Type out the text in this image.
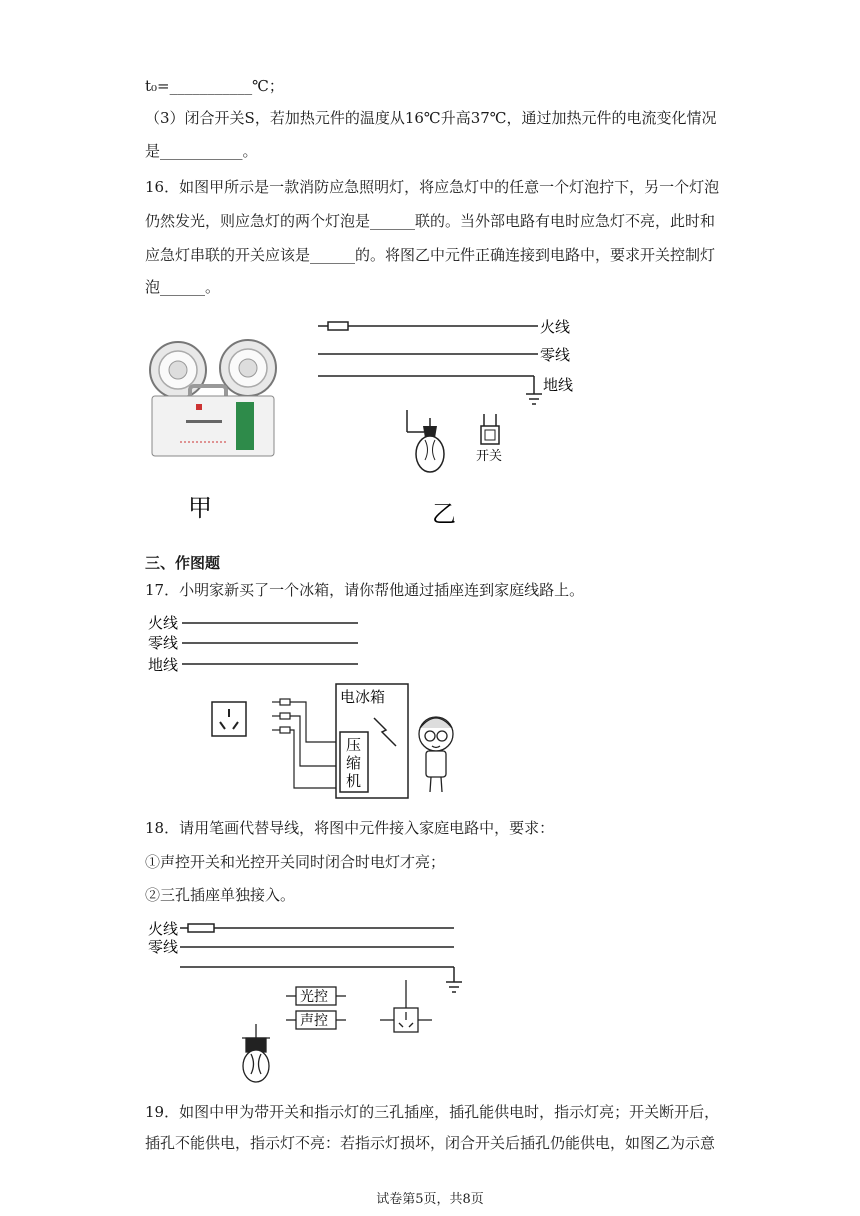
t₀=___________℃；
（3）闭合开关S，若加热元件的温度从16℃升高37℃，通过加热元件的电流变化情况
是___________。
16．如图甲所示是一款消防应急照明灯，将应急灯中的任意一个灯泡拧下，另一个灯泡
仍然发光，则应急灯的两个灯泡是______联的。当外部电路有电时应急灯不亮，此时和
应急灯串联的开关应该是______的。将图乙中元件正确连接到电路中，要求开关控制灯
泡______。
甲
火线
零线
地线
开关
乙
三、作图题
17．小明家新买了一个冰箱，请你帮他通过插座连到家庭线路上。
火线
零线
地线
电冰箱
压
缩
机
18．请用笔画代替导线，将图中元件接入家庭电路中，要求：
①声控开关和光控开关同时闭合时电灯才亮；
②三孔插座单独接入。
火线
零线
光控
声控
19．如图中甲为带开关和指示灯的三孔插座，插孔能供电时，指示灯亮；开关断开后，
插孔不能供电，指示灯不亮：若指示灯损坏，闭合开关后插孔仍能供电，如图乙为示意
试卷第5页，共8页
